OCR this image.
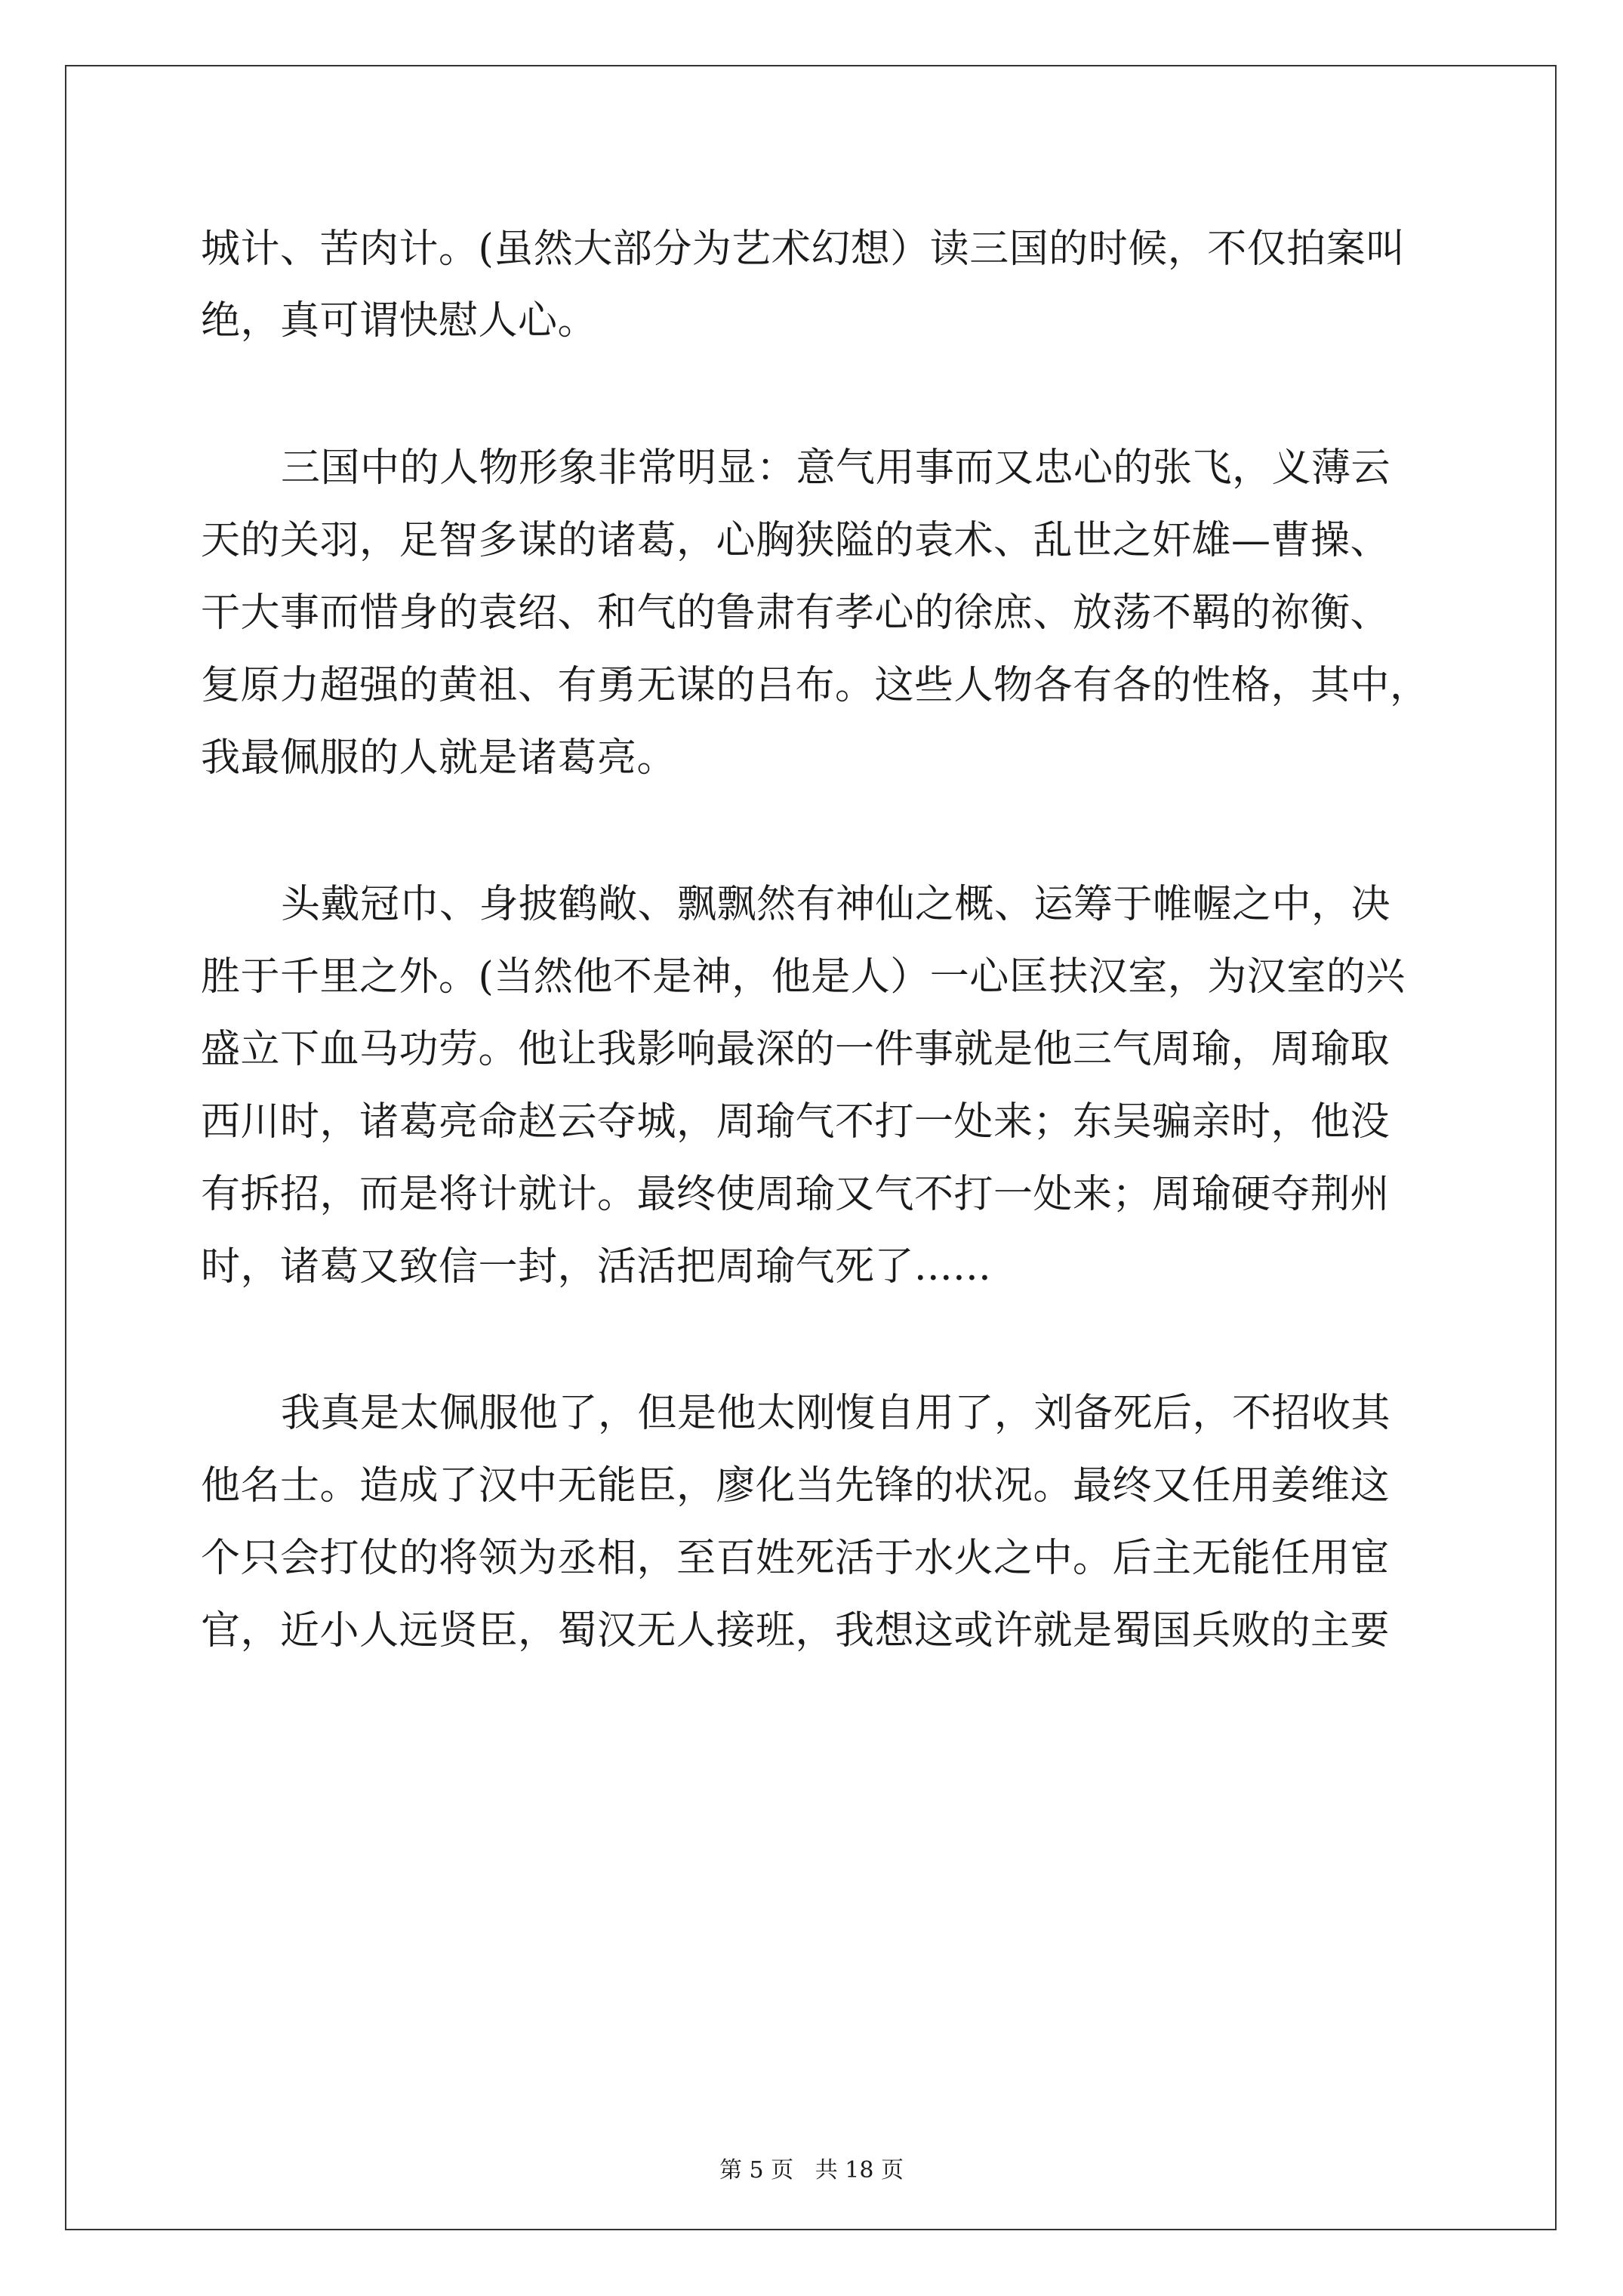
城计、苦肉计。(虽然大部分为艺术幻想）读三国的时候，不仅拍案叫
绝，真可谓快慰人心。
三国中的人物形象非常明显：意气用事而又忠心的张飞，义薄云
天的关羽，足智多谋的诸葛，心胸狭隘的袁术、乱世之奸雄—曹操、
干大事而惜身的袁绍、和气的鲁肃有孝心的徐庶、放荡不羁的祢衡、
复原力超强的黄祖、有勇无谋的吕布。这些人物各有各的性格，其中，
我最佩服的人就是诸葛亮。
头戴冠巾、身披鹤敞、飘飘然有神仙之概、运筹于帷幄之中，决
胜于千里之外。(当然他不是神，他是人）一心匡扶汉室，为汉室的兴
盛立下血马功劳。他让我影响最深的一件事就是他三气周瑜，周瑜取
西川时，诸葛亮命赵云夺城，周瑜气不打一处来；东吴骗亲时，他没
有拆招，而是将计就计。最终使周瑜又气不打一处来；周瑜硬夺荆州
时，诸葛又致信一封，活活把周瑜气死了......
我真是太佩服他了，但是他太刚愎自用了，刘备死后，不招收其
他名士。造成了汉中无能臣，廖化当先锋的状况。最终又任用姜维这
个只会打仗的将领为丞相，至百姓死活于水火之中。后主无能任用宦
官，近小人远贤臣，蜀汉无人接班，我想这或许就是蜀国兵败的主要
第 5 页   共 18 页
